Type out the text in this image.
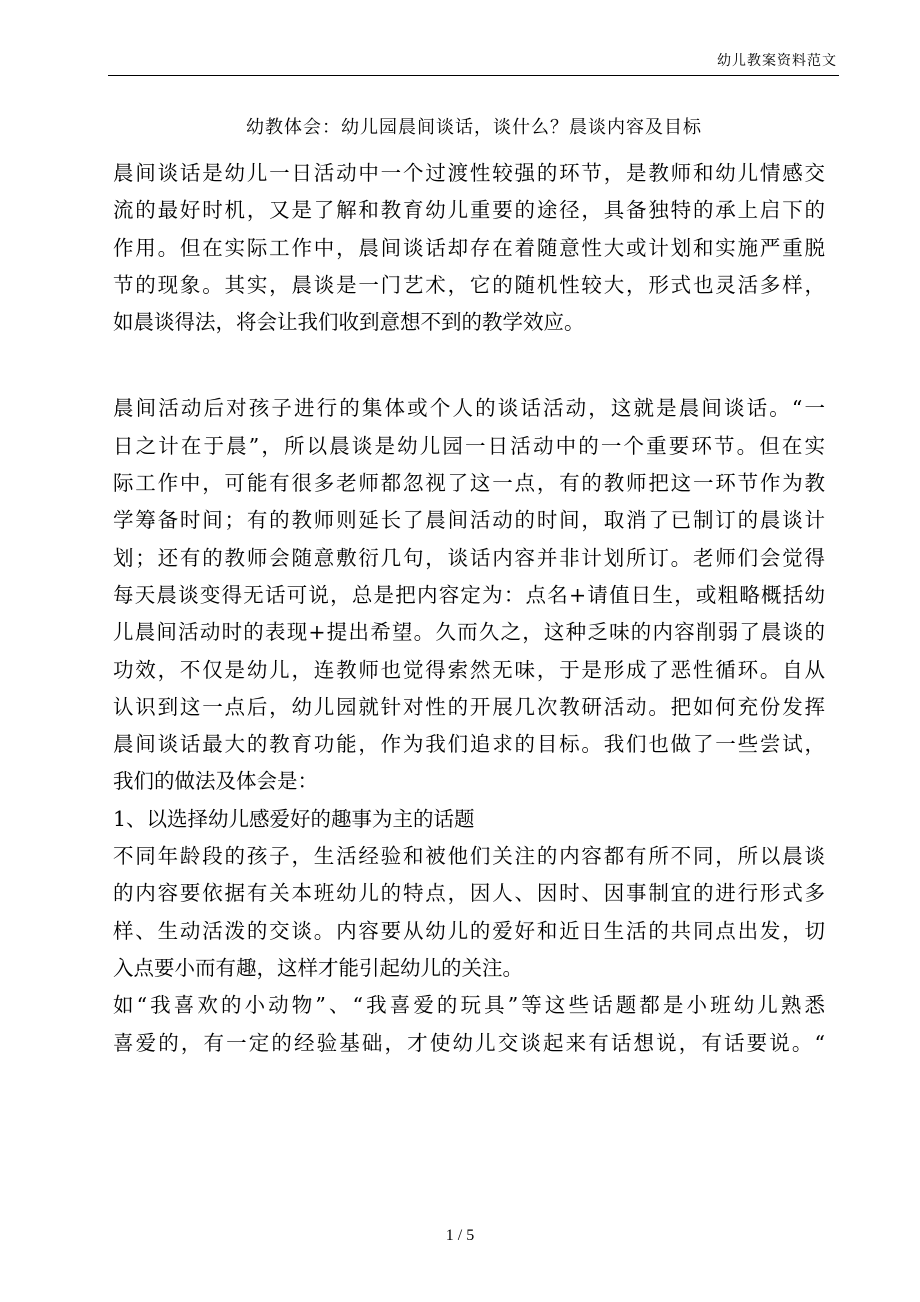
幼儿教案资料范文
幼教体会：幼儿园晨间谈话，谈什么？晨谈内容及目标
晨间谈话是幼儿一日活动中一个过渡性较强的环节，是教师和幼儿情感交
流的最好时机，又是了解和教育幼儿重要的途径，具备独特的承上启下的
作用。但在实际工作中，晨间谈话却存在着随意性大或计划和实施严重脱
节的现象。其实，晨谈是一门艺术，它的随机性较大，形式也灵活多样，
如晨谈得法，将会让我们收到意想不到的教学效应。
晨间活动后对孩子进行的集体或个人的谈话活动，这就是晨间谈话。“一
日之计在于晨”，所以晨谈是幼儿园一日活动中的一个重要环节。但在实
际工作中，可能有很多老师都忽视了这一点，有的教师把这一环节作为教
学筹备时间；有的教师则延长了晨间活动的时间，取消了已制订的晨谈计
划；还有的教师会随意敷衍几句，谈话内容并非计划所订。老师们会觉得
每天晨谈变得无话可说，总是把内容定为：点名+请值日生，或粗略概括幼
儿晨间活动时的表现+提出希望。久而久之，这种乏味的内容削弱了晨谈的
功效，不仅是幼儿，连教师也觉得索然无味，于是形成了恶性循环。自从
认识到这一点后，幼儿园就针对性的开展几次教研活动。把如何充份发挥
晨间谈话最大的教育功能，作为我们追求的目标。我们也做了一些尝试，
我们的做法及体会是：
1、以选择幼儿感爱好的趣事为主的话题
不同年龄段的孩子，生活经验和被他们关注的内容都有所不同，所以晨谈
的内容要依据有关本班幼儿的特点，因人、因时、因事制宜的进行形式多
样、生动活泼的交谈。内容要从幼儿的爱好和近日生活的共同点出发，切
入点要小而有趣，这样才能引起幼儿的关注。
如“我喜欢的小动物”、“我喜爱的玩具”等这些话题都是小班幼儿熟悉
喜爱的，有一定的经验基础，才使幼儿交谈起来有话想说，有话要说。“
1 / 5
